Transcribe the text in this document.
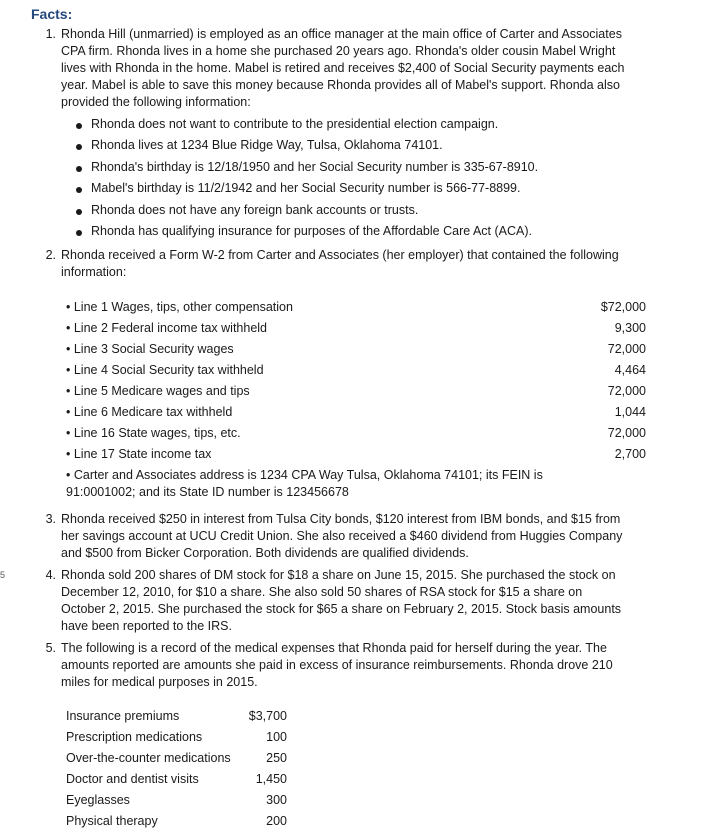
Facts:
5
1. Rhonda Hill (unmarried) is employed as an office manager at the main office of Carter and Associates
CPA firm. Rhonda lives in a home she purchased 20 years ago. Rhonda's older cousin Mabel Wright
lives with Rhonda in the home. Mabel is retired and receives $2,400 of Social Security payments each
year. Mabel is able to save this money because Rhonda provides all of Mabel's support. Rhonda also
provided the following information:
Rhonda does not want to contribute to the presidential election campaign.
Rhonda lives at 1234 Blue Ridge Way, Tulsa, Oklahoma 74101.
Rhonda's birthday is 12/18/1950 and her Social Security number is 335-67-8910.
Mabel's birthday is 11/2/1942 and her Social Security number is 566-77-8899.
Rhonda does not have any foreign bank accounts or trusts.
Rhonda has qualifying insurance for purposes of the Affordable Care Act (ACA).
2. Rhonda received a Form W-2 from Carter and Associates (her employer) that contained the following
information:
• Line 1 Wages, tips, other compensation	$72,000
• Line 2 Federal income tax withheld	9,300
• Line 3 Social Security wages	72,000
• Line 4 Social Security tax withheld	4,464
• Line 5 Medicare wages and tips	72,000
• Line 6 Medicare tax withheld	1,044
• Line 16 State wages, tips, etc.	72,000
• Line 17 State income tax	2,700
• Carter and Associates address is 1234 CPA Way Tulsa, Oklahoma 74101; its FEIN is
91:0001002; and its State ID number is 123456678
3. Rhonda received $250 in interest from Tulsa City bonds, $120 interest from IBM bonds, and $15 from
her savings account at UCU Credit Union. She also received a $460 dividend from Huggies Company
and $500 from Bicker Corporation. Both dividends are qualified dividends.
4. Rhonda sold 200 shares of DM stock for $18 a share on June 15, 2015. She purchased the stock on
December 12, 2010, for $10 a share. She also sold 50 shares of RSA stock for $15 a share on
October 2, 2015. She purchased the stock for $65 a share on February 2, 2015. Stock basis amounts
have been reported to the IRS.
5. The following is a record of the medical expenses that Rhonda paid for herself during the year. The
amounts reported are amounts she paid in excess of insurance reimbursements. Rhonda drove 210
miles for medical purposes in 2015.
Insurance premiums	$3,700
Prescription medications	100
Over-the-counter medications	250
Doctor and dentist visits	1,450
Eyeglasses	300
Physical therapy	200
